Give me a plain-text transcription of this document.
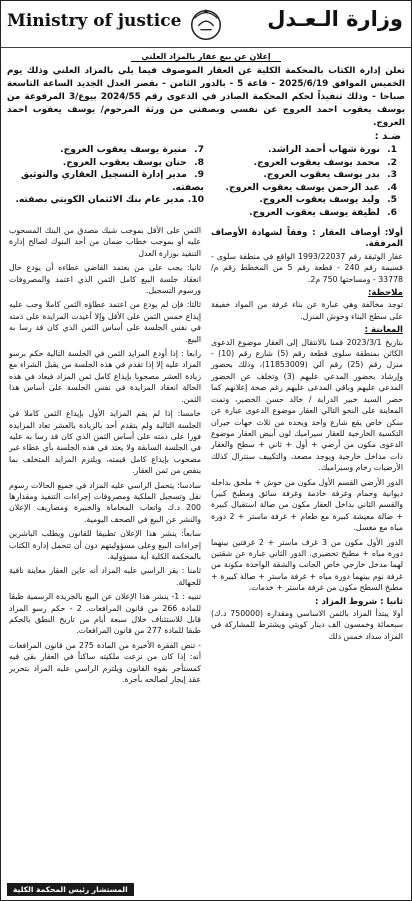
Ministry of justice	وزارة الـعـدل
إعلان عن بيع عقار بالمزاد العلني
تعلن إدارة الكتاب بالمحكمة الكلية عن العقار الموصوف فيما يلي بالمزاد العلني وذلك يوم الخميس الموافق 2025/6/19 - قاعة 5 - بالدور الثامن - بقصر العدل الجديد الساعة التاسعة صباحا - وذلك تنفيذاً لحكم المحكمة الصادر في الدعوى رقم 2024/55 بيوع/3 المرفوعة من يوسف يعقوب احمد العروج عن نفسي وبصفتي من ورثة المرحوم/ يوسف يعقوب احمد العروج.
ضـد :
1. نورة شهاب أحمد الراشد.
2. محمد يوسف يعقوب العروج.
3. بدر يوسف يعقوب العروج.
4. عبد الرحمن يوسف يعقوب العروج.
5. وليد يوسف يعقوب العروج.
6. لطيفة يوسف يعقوب العروج.
7. منيرة يوسف يعقوب العروج.
8. حنان يوسف يعقوب العروج.
9. مدير إدارة التسجيل العقاري والتوثيق بصفته.
10. مدير عام بنك الائتمان الكويتي بصفته.
أولا: أوصاف العقار : وفقاً لشهادة الأوصاف المرفقة.

عقار الوثيقة رقم 1993/22037 الواقع في منطقة سلوى - قسيمة رقم 240 - قطعة رقم 5 من المخطط رقم م/ 33778 - ومساحتها 750 م2.

ملاحظة:

توجد مخالفة وهي عبارة عن بناء غرفة من المواد خفيفة على سطح البناء وحوش المنزل.

المعاينة :

بتاريخ 2023/3/1 قمنا بالانتقال إلى العقار موضوع الدعوى الكائن بمنطقة سلوى قطعة رقم (5) شارع رقم (10) - منزل رقم (25) رقم آلي (11853009)، وذلك بحضور وإرشاد بحضور المدعي عليهم (3) وتخلف عن الحضور المدعي عليهم وباقي المدعى عليهم رغم صحة إعلانهم كما حضر السيد خبير الدراية / خالد حسن الخضير، وتمت المعاينة على النحو التالي العقار موضوع الدعوى عبارة عن سكن خاص يقع شارع واحد ويحده من ثلاث جهات جيران التكسية الخارجية للعقار سيراميك لون أبيض العقار موضوع الدعوى مكون من أرضي + أول + ثاني + سطح والعقار ذات مداخل خارجية ويوجد مصعد، والتكييف سنترال كذلك الأرضيات رخام وسيراميك.

الدور الأرضي القسم الأول مكون من حوش + ملحق بداخله ديوانية وحمام وغرفة خادمة وغرفة سائق ومطبخ كبير) والقسم الثاني بداخل العقار مكون من صالة استقبال كبيرة + صالة معيشة كبيرة مع طعام + غرفة ماستر + 2 دورة مياه مع مغسل.

الدور الأول مكون من 3 غرف ماستر + 2 غرفتين بينهما دورة مياه + مطبخ تحضيري. الدور الثاني عبارة عن شقتين لهما مدخل خارجي خاص الجانب والشقة الواحدة مكونة من غرفة نوم بينهما دورة مياه + غرفة ماستر + صالة كبيرة + مطبخ السطح مكون من غرفة ماستر + خدمات.

ثانيا : شروط المزاد :

أولا يبتدأ المزاد بالثمن الاساسي ومقداره (750000 د.ك) سبعمائة وخمسون الف دينار كويتي ويشترط للمشاركة في المزاد سداد خمس ذلك

الثمن على الأقل بموجب شيك مصدق من البنك المسحوب عليه أو بموجب خطاب ضمان من أحد البنوك لصالح إدارة التنفيذ بوزارة العدل

ثانيا: يجب على من يعتمد القاضي عطاءه أن يودع حال انعقاد جلسة البيع كامل الثمن الذي اعتمد والمصروفات ورسوم التسجيل.

ثالثا: فإن لم يودع من اعتمد عطاؤه الثمن كاملا وجب عليه إيداع خمس الثمن على الأقل وإلا أعيدت المزايدة على ذمته في نفس الجلسة على أساس الثمن الذي كان قد رسا به البيع.

رابعا : إذا أودع المزايد الثمن في الجلسة التالية حكم برسو المزاد عليه إلا إذا تقدم في هذه الجلسة من يقبل الشراء مع زيادة العشر مصحوبا بإيداع كامل ثمن المزاد فيعاد في هذه الحالة انعقاد المزايدة في نفس الجلسة على أساس هذا الثمن.

خامسا: إذا لم يقم المزايد الأول بإيداع الثمن كاملا في الجلسة التالية ولم يتقدم أحد بالزيادة بالعشر تعاد المزايدة فورا على ذمته على أساس الثمن الذي كان قد رسا به عليه في الجلسة السابقة ولا يعتد في هذه الجلسة بأي عطاء غير مصحوب بإيداع كامل قيمته، ويلتزم المزايد المتخلف بما ينقص من ثمن العقار.

سادسا: يتحمل الراسي عليه المزاد في جميع الحالات رسوم نقل وتسجيل الملكية ومصروفات إجراءات التنفيذ ومقدارها 200 د.ك واتعاب المحاماة والخبيرة ومصاريف الإعلان والنشر عن البيع في الصحف اليومية.

سابعاً: ينشر هذا الإعلان تطبيقا للقانون ويطلب الباشرين إجراءات البيع وعلى مسؤوليتهم دون أن تتحمل إدارة الكتاب بالمحكمة الكلية أية مسؤولية.

ثامنا : يقر الراسي عليه المزاد أنه عاين العقار معاينة نافية للجهالة.

تنبيه : 1- ينشر هذا الإعلان عن البيع بالجريدة الرسمية طبقا للمادة 266 من قانون المرافعات. 2 - حكم رسو المزاد قابل للاستئناف خلال سبعة أيام من تاريخ النطق بالحكم طبقا للمادة 277 من قانون المرافعات.

- تنص الفقرة الأخيرة من المادة 275 من قانون المرافعات أنه: إذا كان من نزعت ملكيته ساكناً في العقار بقي فيه كمستأجر بقوة القانون ويلتزم الراسي عليه المزاد بتحرير عقد إيجار لصالحه بأجرة.

المستشار رئيس المحكمة الكلية
